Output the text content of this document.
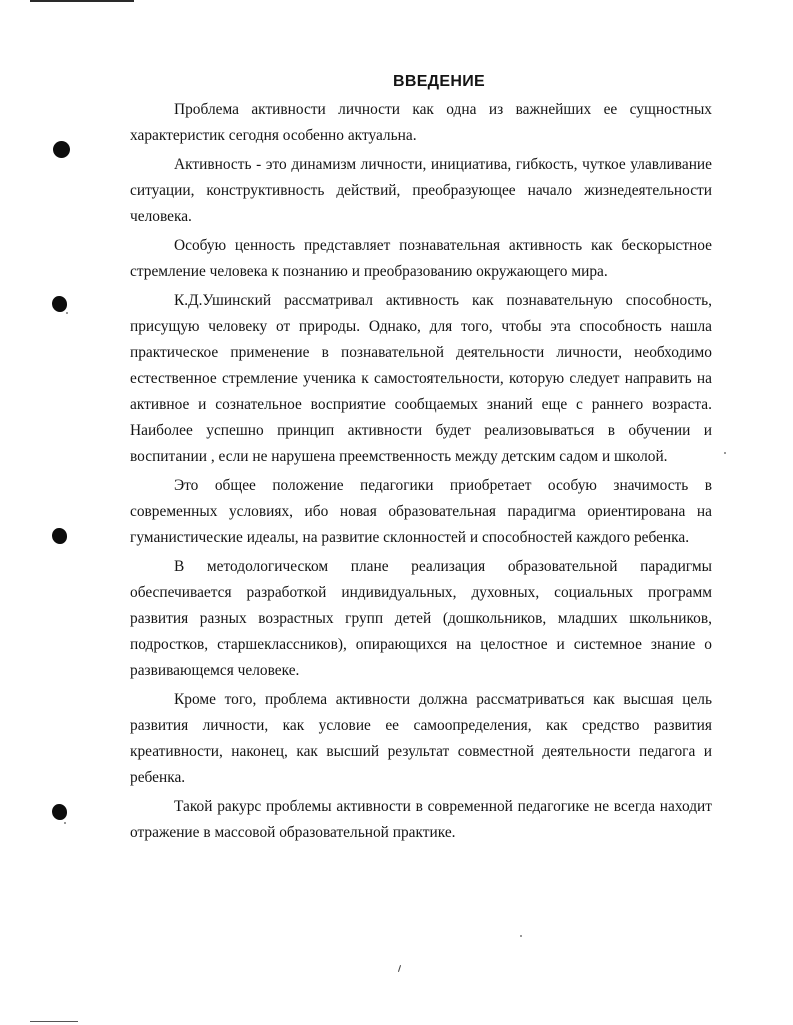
ВВЕДЕНИЕ

Проблема активности личности как одна из важнейших ее сущностных характеристик сегодня особенно актуальна.

Активность - это динамизм личности, инициатива, гибкость, чуткое улавливание ситуации, конструктивность действий, преобразующее начало жизнедеятельности человека.

Особую ценность представляет познавательная активность как бескорыстное стремление человека к познанию и преобразованию окружающего мира.

К.Д.Ушинский рассматривал активность как познавательную способность, присущую человеку от природы. Однако, для того, чтобы эта способность нашла практическое применение в познавательной деятельности личности, необходимо естественное стремление ученика к самостоятельности, которую следует направить на активное и сознательное восприятие сообщаемых знаний еще с раннего возраста. Наиболее успешно принцип активности будет реализовываться в обучении и воспитании , если не нарушена преемственность между детским садом и школой.

Это общее положение педагогики приобретает особую значимость в современных условиях, ибо новая образовательная парадигма ориентирована на гуманистические идеалы, на развитие склонностей и способностей каждого ребенка.

В методологическом плане реализация образовательной парадигмы обеспечивается разработкой индивидуальных, духовных, социальных программ развития разных возрастных групп детей (дошкольников, младших школьников, подростков, старшеклассников), опирающихся на целостное и системное знание о развивающемся человеке.

Кроме того, проблема активности должна рассматриваться как высшая цель развития личности, как условие ее самоопределения, как средство развития креативности, наконец, как высший результат совместной деятельности педагога и ребенка.

Такой ракурс проблемы активности в современной педагогике не всегда находит отражение в массовой образовательной практике.
